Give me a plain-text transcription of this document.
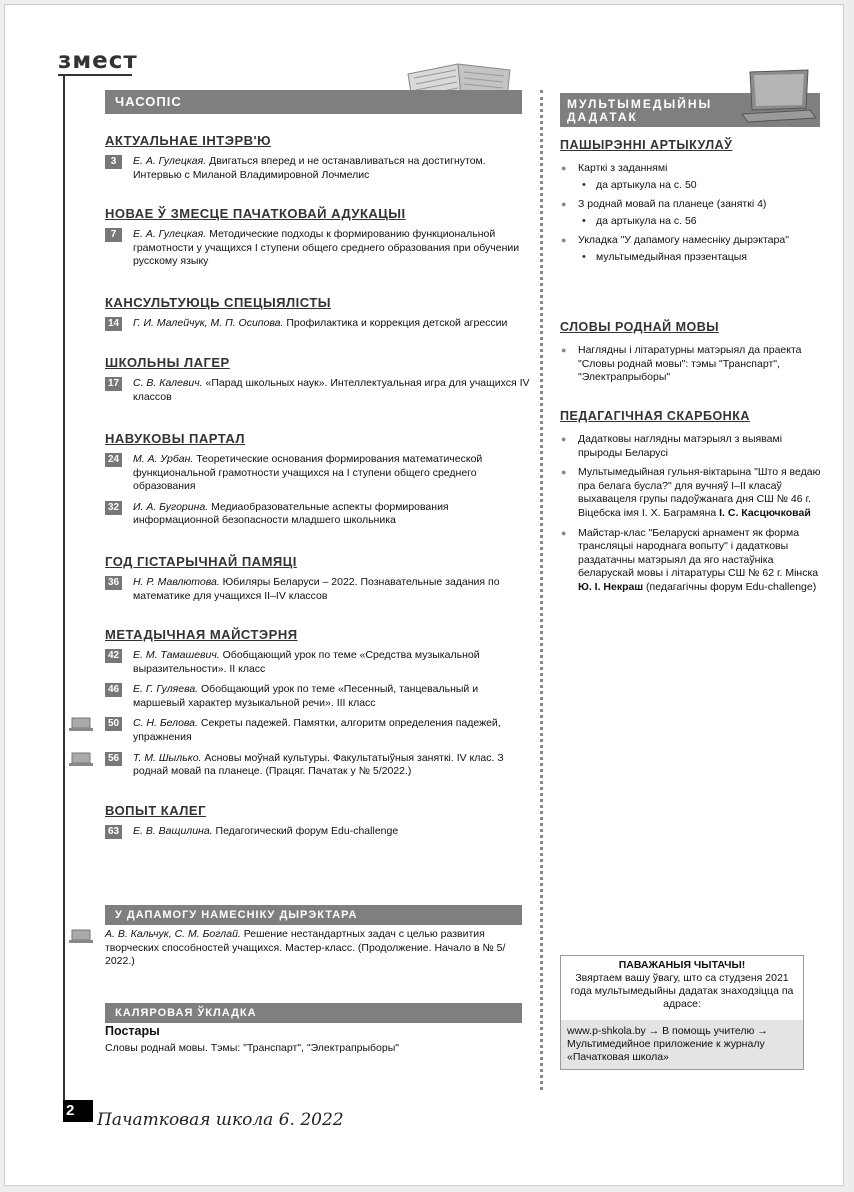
змест
ЧАСОПІС
АКТУАЛЬНАЕ ІНТЭРВ'Ю
3	Е. А. Гулецкая. Двигаться вперед и не останавливаться на достигнутом. Интервью с Миланой Владимировной Лочмелис
НОВАЕ Ў ЗМЕСЦЕ ПАЧАТКОВАЙ АДУКАЦЫІ
7	Е. А. Гулецкая. Методические подходы к формированию функциональной грамотности у учащихся I ступени общего среднего образования при обучении русскому языку
КАНСУЛЬТУЮЦЬ СПЕЦЫЯЛІСТЫ
14 Г. И. Малейчук, М. П. Осипова. Профилактика и коррекция детской агрессии
ШКОЛЬНЫ ЛАГЕР
17 С. В. Калевич. «Парад школьных наук». Интеллектуальная игра для учащихся IV классов
НАВУКОВЫ ПАРТАЛ
24 М. А. Урбан. Теоретические основания формирования математической функциональной грамотности учащихся на I ступени общего среднего образования
32 И. А. Бугорина. Медиаобразовательные аспекты формирования информационной безопасности младшего школьника
ГОД ГІСТАРЫЧНАЙ ПАМЯЦІ
36 Н. Р. Мавлютова. Юбиляры Беларуси – 2022. Познавательные задания по математике для учащихся II–IV классов
МЕТАДЫЧНАЯ МАЙСТЭРНЯ
42 Е. М. Тамашевич. Обобщающий урок по теме «Средства музыкальной выразительности». II класс
46 Е. Г. Гуляева. Обобщающий урок по теме «Песенный, танцевальный и маршевый характер музыкальной речи». III класс
50 С. Н. Белова. Секреты падежей. Памятки, алгоритм определения падежей, упражнения
56 Т. М. Шылько. Асновы моўнай культуры. Факультатыўныя заняткі. IV клас. З роднай мовай па планеце. (Працяг. Пачатак у № 5/2022.)
ВОПЫТ КАЛЕГ
63 Е. В. Ващилина. Педагогический форум Edu-challenge
У ДАПАМОГУ НАМЕСНІКУ ДЫРЭКТАРА
А. В. Кальчук, С. М. Боглай. Решение нестандартных задач с целью развития творческих способностей учащихся. Мастер-класс. (Продолжение. Начало в № 5/ 2022.)
КАЛЯРОВАЯ ЎКЛАДКА
Постары
Словы роднай мовы. Тэмы: "Транспарт", "Электрапрыборы"
МУЛЬТЫМЕДЫЙНЫ
ДАДАТАК
ПАШЫРЭННІ АРТЫКУЛАЎ
● Карткі з заданнямі
• да артыкула на с. 50
● З роднай мовай па планеце (заняткі 4)
• да артыкула на с. 56
● Укладка "У дапамогу намесніку дырэктара"
• мультымедыйная прэзентацыя
СЛОВЫ РОДНАЙ МОВЫ
● Наглядны і літаратурны матэрыял да праекта "Словы роднай мовы": тэмы "Транспарт", "Электрапрыборы"
ПЕДАГАГІЧНАЯ СКАРБОНКА
● Дадатковы наглядны матэрыял з выявамі прыроды Беларусі
● Мультымедыйная гульня-віктарына "Што я ведаю пра белага бусла?" для вучняў I–II класаў выхавацеля групы падоўжанага дня СШ № 46 г. Віцебска імя І. Х. Баграмяна І. С. Касцючковай
● Майстар-клас "Беларускі арнамент як форма трансляцыі народнага вопыту" і дадатковы раздатачны матэрыял да яго настаўніка беларускай мовы і літаратуры СШ № 62 г. Мінска Ю. І. Некраш (педагагічны форум Edu-challenge)
ПАВАЖАНЫЯ ЧЫТАЧЫ!
Звяртаем вашу ўвагу, што са студзеня 2021 года мультымедыйны дадатак знаходзіцца па адрасе:
www.p-shkola.by → В помощь учителю → Мультимедийное приложение к журналу «Пачатковая школа»
2	Пачатковая школа 6. 2022
